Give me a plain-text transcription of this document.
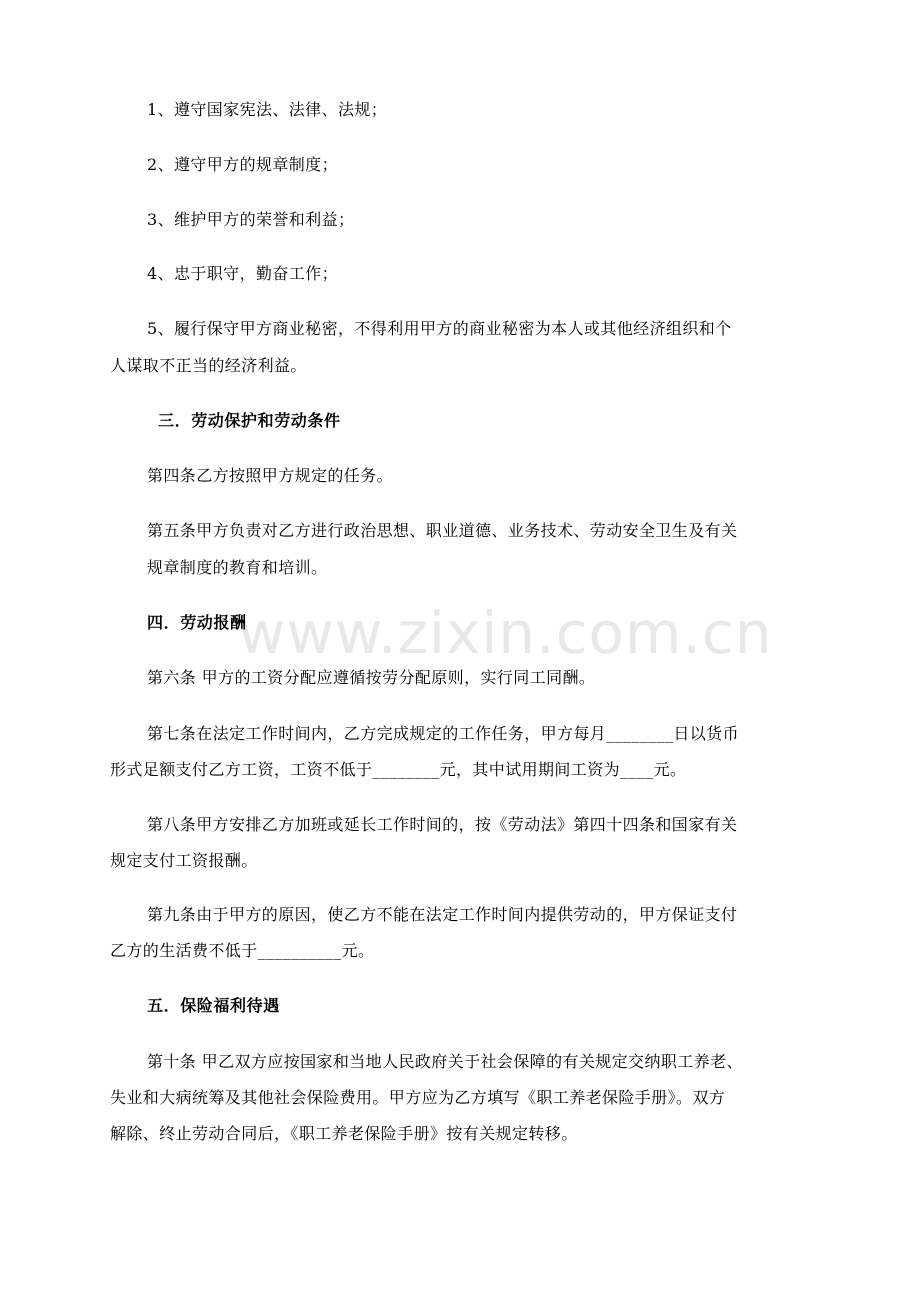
www.zixin.com.cn
1、遵守国家宪法、法律、法规；
2、遵守甲方的规章制度；
3、维护甲方的荣誉和利益；
4、忠于职守，勤奋工作；
5、履行保守甲方商业秘密，不得利用甲方的商业秘密为本人或其他经济组织和个
人谋取不正当的经济利益。
三．劳动保护和劳动条件
第四条乙方按照甲方规定的任务。
第五条甲方负责对乙方进行政治思想、职业道德、业务技术、劳动安全卫生及有关
规章制度的教育和培训。
四．劳动报酬
第六条 甲方的工资分配应遵循按劳分配原则，实行同工同酬。
第七条在法定工作时间内，乙方完成规定的工作任务，甲方每月________日以货币
形式足额支付乙方工资，工资不低于________元，其中试用期间工资为____元。
第八条甲方安排乙方加班或延长工作时间的，按《劳动法》第四十四条和国家有关
规定支付工资报酬。
第九条由于甲方的原因，使乙方不能在法定工作时间内提供劳动的，甲方保证支付
乙方的生活费不低于__________元。
五．保险福利待遇
第十条 甲乙双方应按国家和当地人民政府关于社会保障的有关规定交纳职工养老、
失业和大病统筹及其他社会保险费用。甲方应为乙方填写《职工养老保险手册》。双方
解除、终止劳动合同后，《职工养老保险手册》按有关规定转移。
